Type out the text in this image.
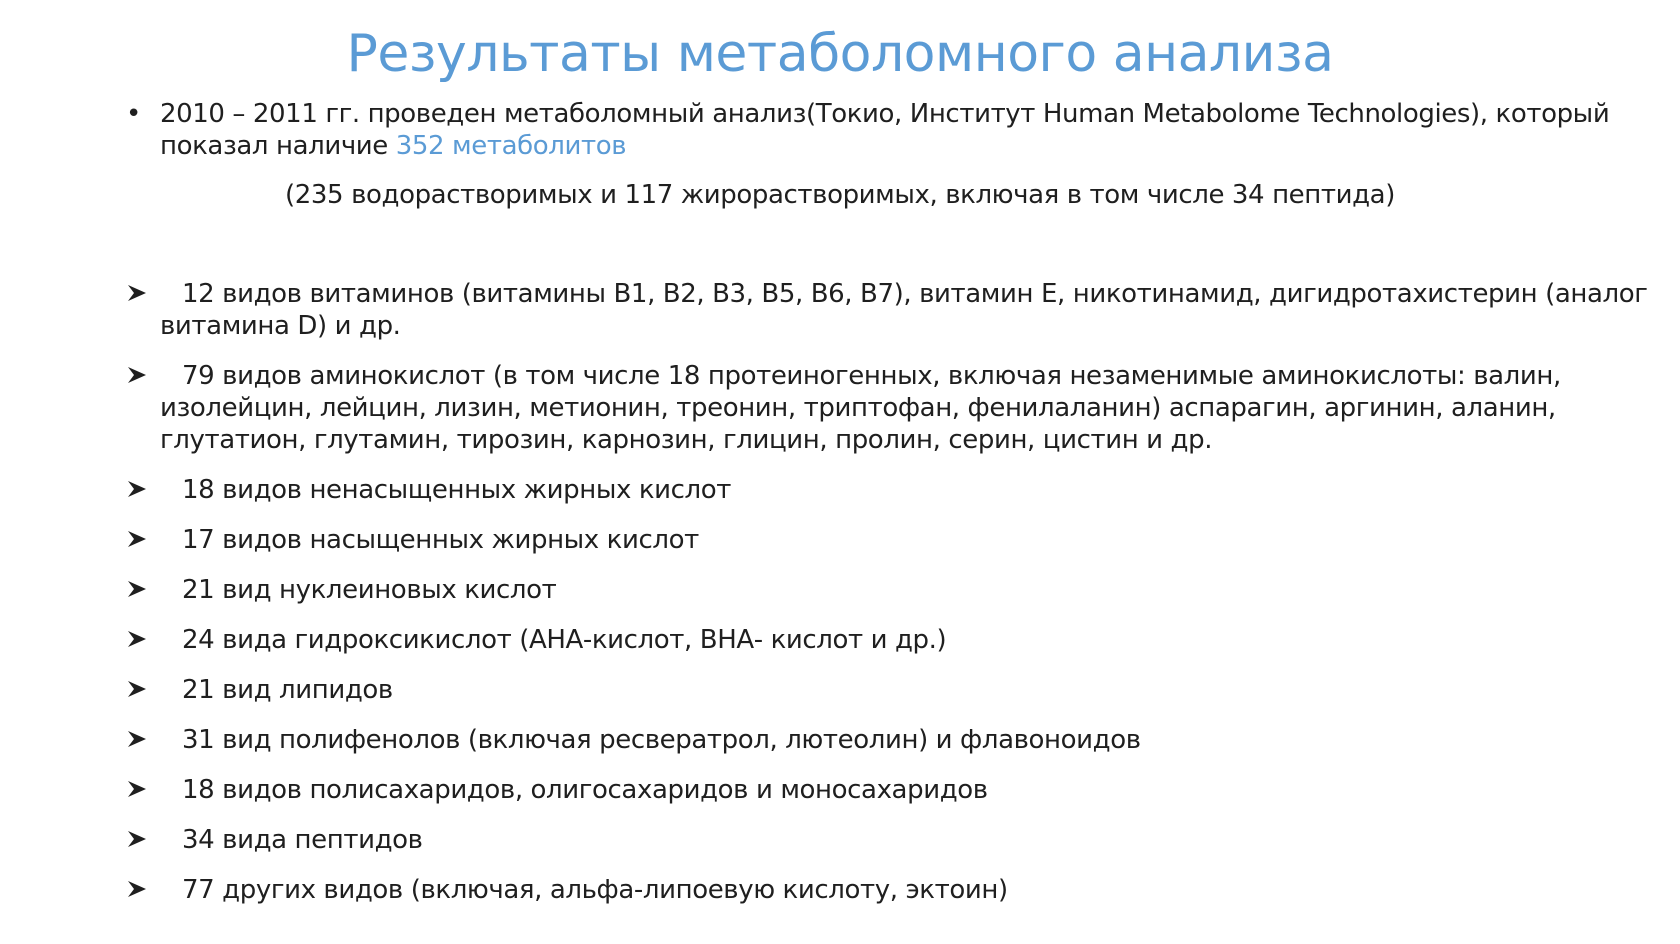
Результаты метаболомного анализа
• 2010 – 2011 гг. проведен метаболомный анализ(Токио, Институт Human Metabolome Technologies), который показал наличие 352 метаболитов
(235 водорастворимых и 117 жирорастворимых, включая в том числе 34 пептида)
12 видов витаминов (витамины В1, В2, В3, В5, В6, В7), витамин Е, никотинамид, дигидротахистерин (аналог витамина D) и др.
79 видов аминокислот (в том числе 18 протеиногенных, включая незаменимые аминокислоты: валин, изолейцин, лейцин, лизин, метионин, треонин, триптофан, фенилаланин) аспарагин, аргинин, аланин, глутатион, глутамин, тирозин, карнозин, глицин, пролин, серин, цистин и др.
18 видов ненасыщенных жирных кислот
17 видов насыщенных жирных кислот
21 вид нуклеиновых кислот
24 вида гидроксикислот (АНА-кислот, ВНА- кислот и др.)
21 вид липидов
31 вид полифенолов (включая ресвератрол, лютеолин) и флавоноидов
18 видов полисахаридов, олигосахаридов и моносахаридов
34 вида пептидов
77 других видов (включая, альфа-липоевую кислоту, эктоин)
